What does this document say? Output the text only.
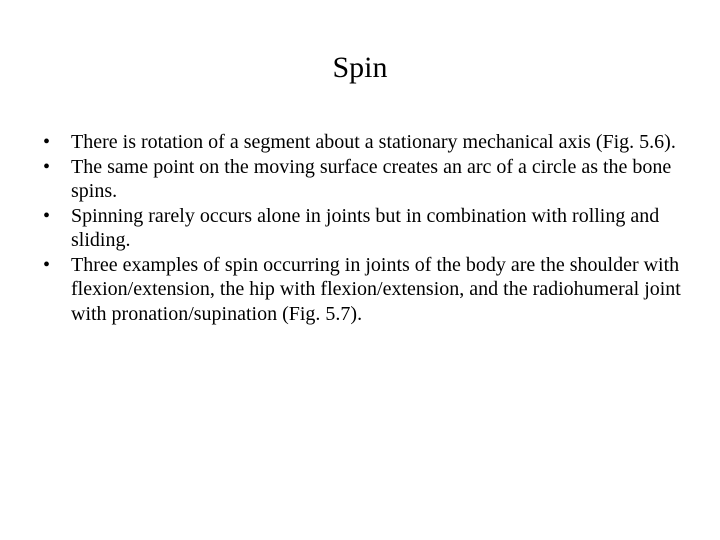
Spin
• There is rotation of a segment about a stationary mechanical axis (Fig. 5.6).
• The same point on the moving surface creates an arc of a circle as the bone spins.
• Spinning rarely occurs alone in joints but in combination with rolling and sliding.
• Three examples of spin occurring in joints of the body are the shoulder with flexion/extension, the hip with flexion/extension, and the radiohumeral joint with pronation/supination (Fig. 5.7).
